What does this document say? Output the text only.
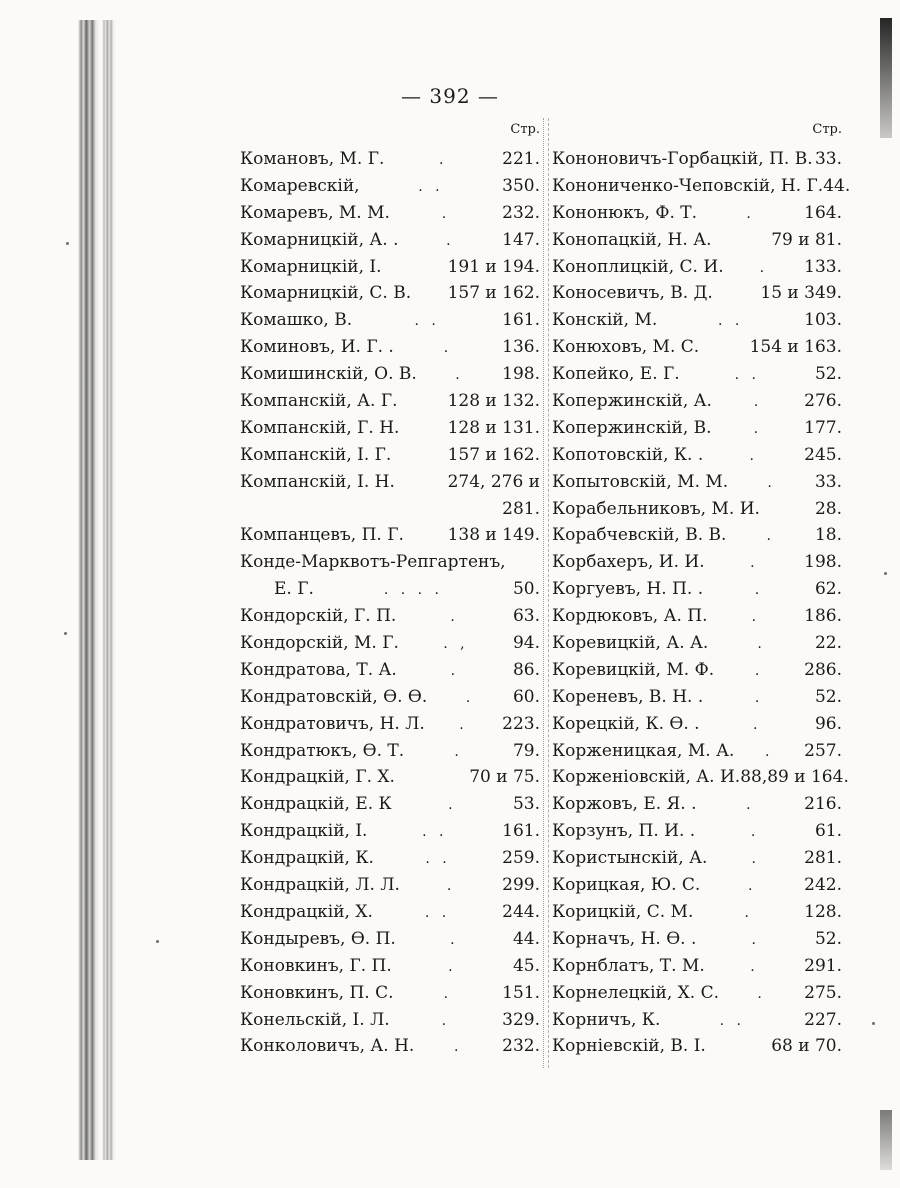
— 392 —
Стр.
Комановъ, М. Г.	.	221.
Комаревскій,	. .	350.
Комаревъ, М. М.	.	232.
Комарницкій, А. .	.	147.
Комарницкій, І.	191 и 194.
Комарницкій, С. В. 157 и 162.
Комашко, В.	. .	161.
Коминовъ, И. Г. .	.	136.
Комишинскій, О. В.	.	198.
Компанскій, А. Г.	128 и 132.
Компанскій, Г. Н.	128 и 131.
Компанскій, І. Г.	157 и 162.
Компанскій, І. Н.	274, 276 и
281.
Компанцевъ, П. Г.	138 и 149.
Конде-Марквотъ-Репгартенъ,
Е. Г.	. . . .	50.
Кондорскій, Г. П.	.	63.
Кондорскій, М. Г.	. ,	94.
Кондратова, Т. А.	.	86.
Кондратовскій, Ѳ. Ѳ.	.	60.
Кондратовичъ, Н. Л.	.	223.
Кондратюкъ, Ѳ. Т.	.	79.
Кондрацкій, Г. Х.	70 и 75.
Кондрацкій, Е. К	.	53.
Кондрацкій, І.	. .	161.
Кондрацкій, К.	. .	259.
Кондрацкій, Л. Л.	.	299.
Кондрацкій, Х.	. .	244.
Кондыревъ, Ѳ. П.	.	44.
Коновкинъ, Г. П.	.	45.
Коновкинъ, П. С.	.	151.
Конельскій, І. Л.	.	329.
Конколовичъ, А. Н.	.	232.
Стр.
Кононовичъ-Горбацкій, П. В. 33.
Конониченко-Чеповскій, Н. Г. 44.
Кононюкъ, Ф. Т.	.	164.
Конопацкій, Н. А.	79 и 81.
Коноплицкій, С. И.	.	133.
Коносевичъ, В. Д.	15 и 349.
Конскій, М.	. .	103.
Конюховъ, М. С.	154 и 163.
Копейко, Е. Г.	. .	52.
Копержинскій, А.	.	276.
Копержинскій, В.	.	177.
Копотовскій, К. .	.	245.
Копытовскій, М. М.	.	33.
Корабельниковъ, М. И.	28.
Корабчевскій, В. В.	.	18.
Корбахеръ, И. И.	.	198.
Коргуевъ, Н. П. .	.	62.
Кордюковъ, А. П.	.	186.
Коревицкій, А. А.	.	22.
Коревицкій, М. Ф.	.	286.
Кореневъ, В. Н. .	.	52.
Корецкій, К. Ѳ. .	.	96.
Корженицкая, М. А.	.	257.
Корженіовскій, А. И. 88,89 и 164.
Коржовъ, Е. Я. .	.	216.
Корзунъ, П. И. .	.	61.
Користынскій, А.	.	281.
Корицкая, Ю. С.	.	242.
Корицкій, С. М.	.	128.
Корначъ, Н. Ѳ. .	.	52.
Корнблатъ, Т. М.	.	291.
Корнелецкій, Х. С.	.	275.
Корничъ, К.	. .	227.
Корніевскій, В. І.	68 и 70.
